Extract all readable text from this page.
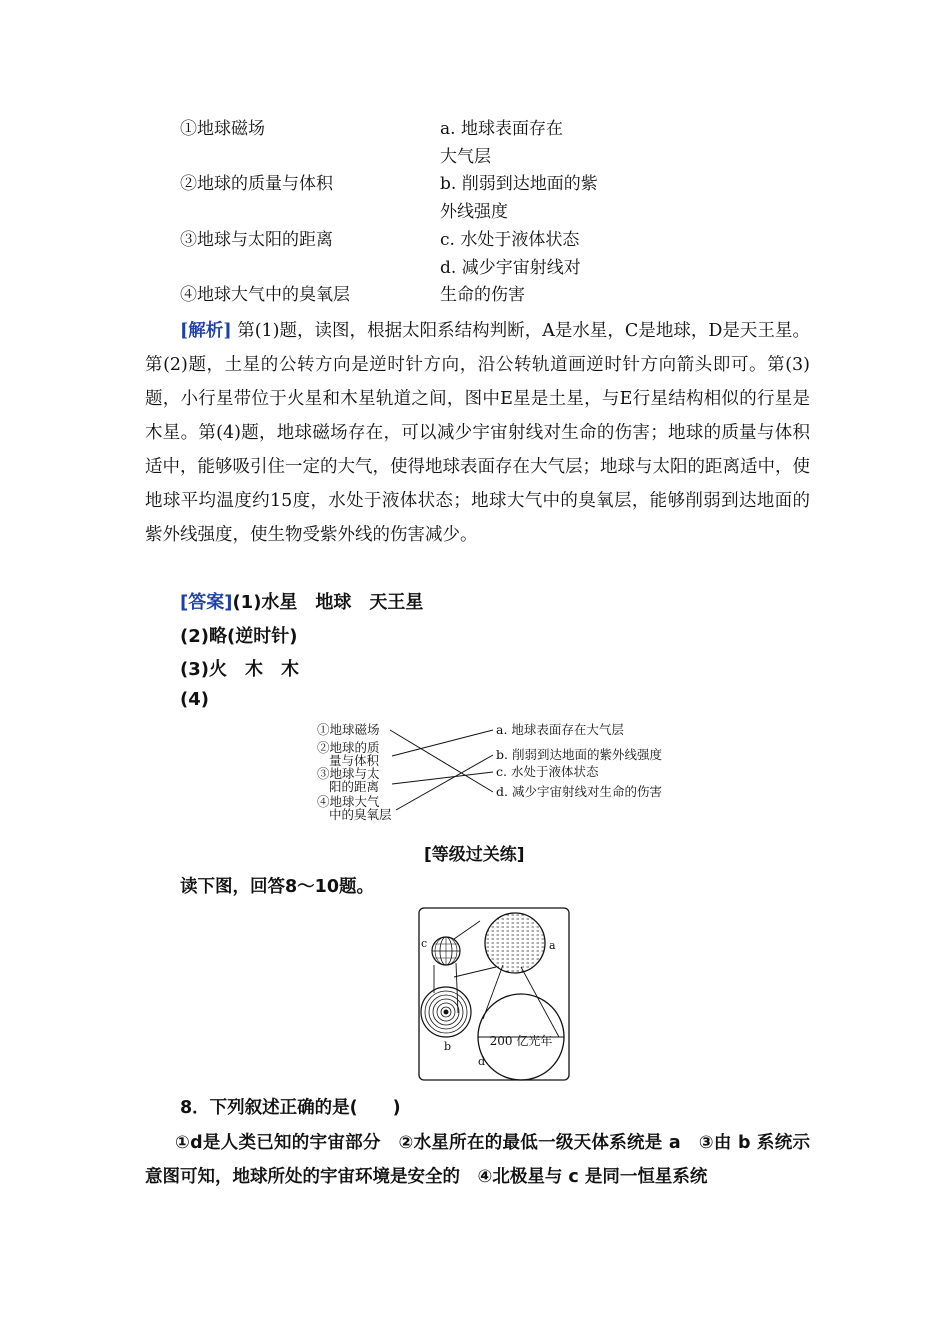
①地球磁场
②地球的质量与体积
③地球与太阳的距离
④地球大气中的臭氧层
a. 地球表面存在
大气层
b. 削弱到达地面的紫
外线强度
c. 水处于液体状态
d. 减少宇宙射线对
生命的伤害
[解析] 第(1)题，读图，根据太阳系结构判断，A是水星，C是地球，D是天王星。第(2)题，土星的公转方向是逆时针方向，沿公转轨道画逆时针方向箭头即可。第(3)题，小行星带位于火星和木星轨道之间，图中E星是土星，与E行星结构相似的行星是木星。第(4)题，地球磁场存在，可以减少宇宙射线对生命的伤害；地球的质量与体积适中，能够吸引住一定的大气，使得地球表面存在大气层；地球与太阳的距离适中，使地球平均温度约15度，水处于液体状态；地球大气中的臭氧层，能够削弱到达地面的紫外线强度，使生物受紫外线的伤害减少。
[答案](1)水星　地球　天王星
(2)略(逆时针)
(3)火　木　木
(4)
①地球磁场
②地球的质
量与体积
③地球与太
阳的距离
④地球大气
中的臭氧层
a. 地球表面存在大气层
b. 削弱到达地面的紫外线强度
c. 水处于液体状态
d. 减少宇宙射线对生命的伤害
[等级过关练]
读下图，回答8～10题。
200 亿光年
c	a
b
d
8．下列叙述正确的是(　　)
①d是人类已知的宇宙部分　②水星所在的最低一级天体系统是 a　③由 b 系统示意图可知，地球所处的宇宙环境是安全的　④北极星与 c 是同一恒星系统
